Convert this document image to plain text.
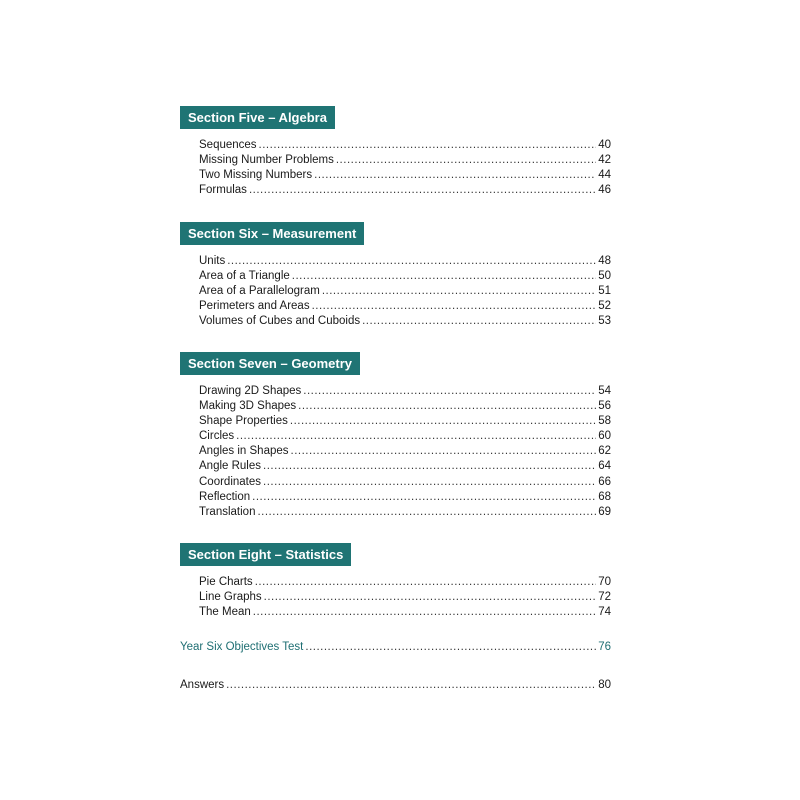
Section Five – Algebra
Sequences .....	40
Missing Number Problems .....	42
Two Missing Numbers .....	44
Formulas .....	46
Section Six – Measurement
Units .....	48
Area of a Triangle .....	50
Area of a Parallelogram .....	51
Perimeters and Areas .....	52
Volumes of Cubes and Cuboids .....	53
Section Seven – Geometry
Drawing 2D Shapes .....	54
Making 3D Shapes .....	56
Shape Properties .....	58
Circles .....	60
Angles in Shapes .....	62
Angle Rules .....	64
Coordinates .....	66
Reflection .....	68
Translation .....	69
Section Eight – Statistics
Pie Charts .....	70
Line Graphs .....	72
The Mean .....	74
Year Six Objectives Test .....	76
Answers .....	80
